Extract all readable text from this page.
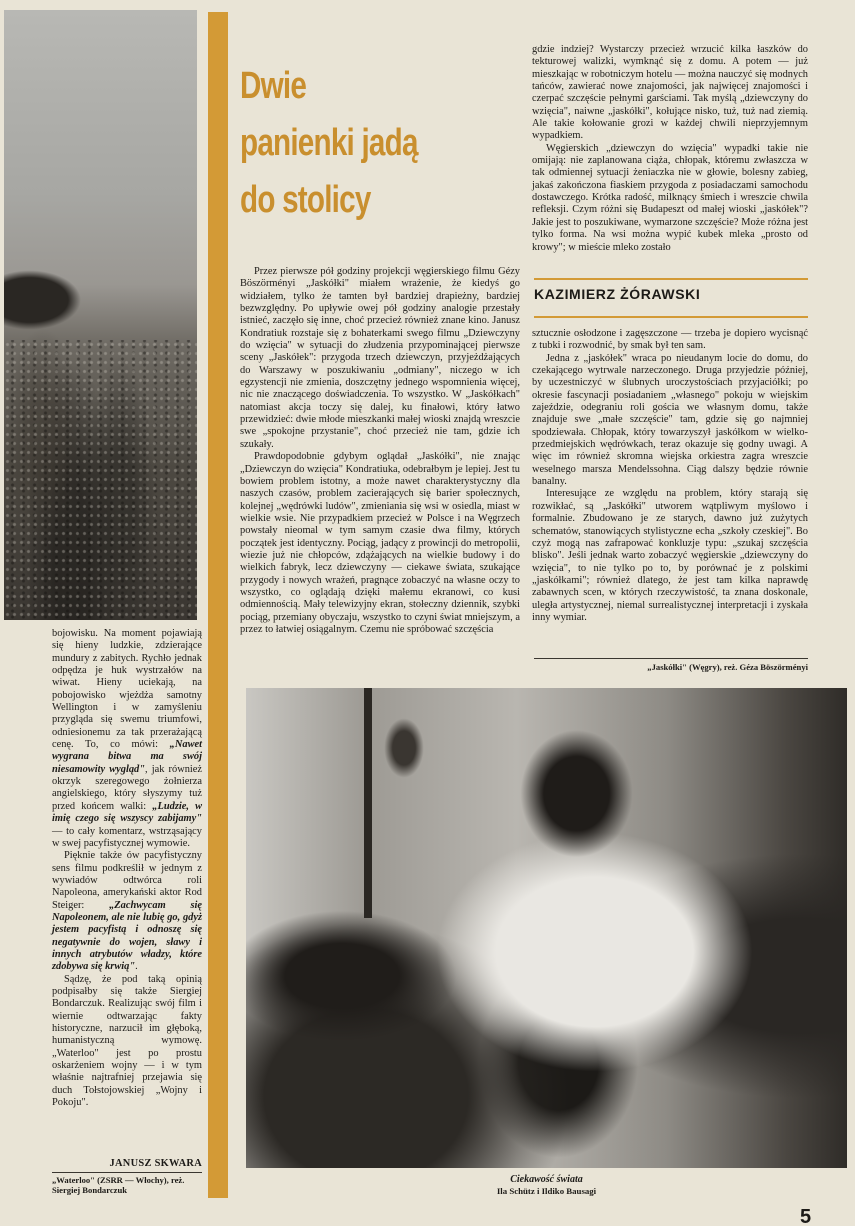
bojowisku. Na moment pojawiają się hieny ludzkie, zdzierające mundury z zabitych. Rychło jednak odpędza je huk wystrzałów na wiwat. Hieny uciekają, na pobojowisko wjeżdża samotny Wellington i w zamyśleniu przygląda się swemu triumfowi, odniesionemu za tak przerażającą cenę. To, co mówi: „Nawet wygrana bitwa ma swój niesamowity wygląd", jak również okrzyk szeregowego żołnierza angielskiego, który słyszymy tuż przed końcem walki: „Ludzie, w imię czego się wszyscy zabijamy" — to cały komentarz, wstrząsający w swej pacyfistycznej wymowie.

Pięknie także ów pacyfistyczny sens filmu podkreślił w jednym z wywiadów odtwórca roli Napoleona, amerykański aktor Rod Steiger: „Zachwycam się Napoleonem, ale nie lubię go, gdyż jestem pacyfistą i odnoszę się negatywnie do wojen, sławy i innych atrybutów władzy, które zdobywa się krwią".

Sądzę, że pod taką opinią podpisałby się także Siergiej Bondarczuk. Realizując swój film i wiernie odtwarzając fakty historyczne, narzucił im głęboką, humanistyczną wymowę. „Waterloo" jest po prostu oskarżeniem wojny — i w tym właśnie najtrafniej przejawia się duch Tołstojowskiej „Wojny i Pokoju".

JANUSZ SKWARA
„Waterloo" (ZSRR — Włochy), reż. Siergiej Bondarczuk
Dwie
panienki jadą
do stolicy

Przez pierwsze pół godziny projekcji węgierskiego filmu Gézy Böszörményi „Jaskółki" miałem wrażenie, że kiedyś go widziałem, tylko że tamten był bardziej drapieżny, bardziej bezwzględny. Po upływie owej pół godziny analogie przestały istnieć, zaczęło się inne, choć przecież również znane kino. Janusz Kondratiuk rozstaje się z bohaterkami swego filmu „Dziewczyny do wzięcia" w sytuacji do złudzenia przypominającej pierwsze sceny „Jaskółek": przygoda trzech dziewczyn, przyjeżdżających do Warszawy w poszukiwaniu „odmiany", niczego w ich egzystencji nie zmienia, doszczętny jednego wspomnienia więcej, nic nie znaczącego doświadczenia. To wszystko. W „Jaskółkach" natomiast akcja toczy się dalej, ku finałowi, który łatwo przewidzieć: dwie młode mieszkanki małej wioski znajdą wreszcie swe „spokojne przystanie", choć przecież nie tam, gdzie ich szukały.

Prawdopodobnie gdybym oglądał „Jaskółki", nie znając „Dziewczyn do wzięcia" Kondratiuka, odebrałbym je lepiej. Jest tu bowiem problem istotny, a może nawet charakterystyczny dla naszych czasów, problem zacierających się barier społecznych, kolejnej „wędrówki ludów", zmieniania się wsi w osiedla, miast w wielkie wsie. Nie przypadkiem przecież w Polsce i na Węgrzech powstały nieomal w tym samym czasie dwa filmy, których początek jest identyczny. Pociąg, jadący z prowincji do metropolii, wiezie już nie chłopców, zdążających na wielkie budowy i do wielkich fabryk, lecz dziewczyny — ciekawe świata, szukające przygody i nowych wrażeń, pragnące zobaczyć na własne oczy to wszystko, co oglądają dzięki małemu ekranowi, co kusi odmiennością. Mały telewizyjny ekran, stołeczny dziennik, szybki pociąg, przemiany obyczaju, wszystko to czyni świat mniejszym, a przez to łatwiej osiągalnym. Czemu nie spróbować szczęścia

gdzie indziej? Wystarczy przecież wrzucić kilka łaszków do tekturowej walizki, wymknąć się z domu. A potem — już mieszkając w robotniczym hotelu — można nauczyć się modnych tańców, zawierać nowe znajomości, jak najwięcej znajomości i czerpać szczęście pełnymi garściami. Tak myślą „dziewczyny do wzięcia", naiwne „jaskółki", kołujące nisko, tuż, tuż nad ziemią. Ale takie kołowanie grozi w każdej chwili nieprzyjemnym wypadkiem.

Węgierskich „dziewczyn do wzięcia" wypadki takie nie omijają: nie zaplanowana ciąża, chłopak, któremu zwłaszcza w tak odmiennej sytuacji żeniaczka nie w głowie, bolesny zabieg, jakaś zakończona fiaskiem przygoda z posiadaczami samochodu dostawczego. Krótka radość, milknący śmiech i wreszcie chwila refleksji. Czym różni się Budapeszt od małej wioski „jaskółek"? Jakie jest to poszukiwane, wymarzone szczęście? Może różna jest tylko forma. Na wsi można wypić kubek mleka „prosto od krowy"; w mieście mleko zostało

KAZIMIERZ ŻÓRAWSKI

sztucznie osłodzone i zagęszczone — trzeba je dopiero wycisnąć z tubki i rozwodnić, by smak był ten sam.

Jedna z „jaskółek" wraca po nieudanym locie do domu, do czekającego wytrwale narzeczonego. Druga przyjedzie później, by uczestniczyć w ślubnych uroczystościach przyjaciółki; po okresie fascynacji posiadaniem „własnego" pokoju w wiejskim zajeździe, odegraniu roli gościa we własnym domu, także znajduje swe „małe szczęście" tam, gdzie się go najmniej spodziewała. Chłopak, który towarzyszył jaskółkom w wielko-przedmiejskich wędrówkach, teraz okazuje się godny uwagi. A więc im również skromna wiejska orkiestra zagra wreszcie weselnego marsza Mendelssohna. Ciąg dalszy będzie równie banalny.

Interesujące ze względu na problem, który starają się rozwikłać, są „Jaskółki" utworem wątpliwym myślowo i formalnie. Zbudowano je ze starych, dawno już zużytych schematów, stanowiących stylistyczne echa „szkoły czeskiej". Bo czyż mogą nas zafrapować konkluzje typu: „szukaj szczęścia blisko". Jeśli jednak warto zobaczyć węgierskie „dziewczyny do wzięcia", to nie tylko po to, by porównać je z polskimi „jaskółkami"; również dlatego, że jest tam kilka naprawdę zabawnych scen, w których rzeczywistość, ta znana doskonale, uległa artystycznej, niemal surrealistycznej interpretacji i zyskała inny wymiar.

„Jaskółki" (Węgry), reż. Géza Böszörményi
Ciekawość świata
Ila Schütz i Ildiko Bausagi
5
